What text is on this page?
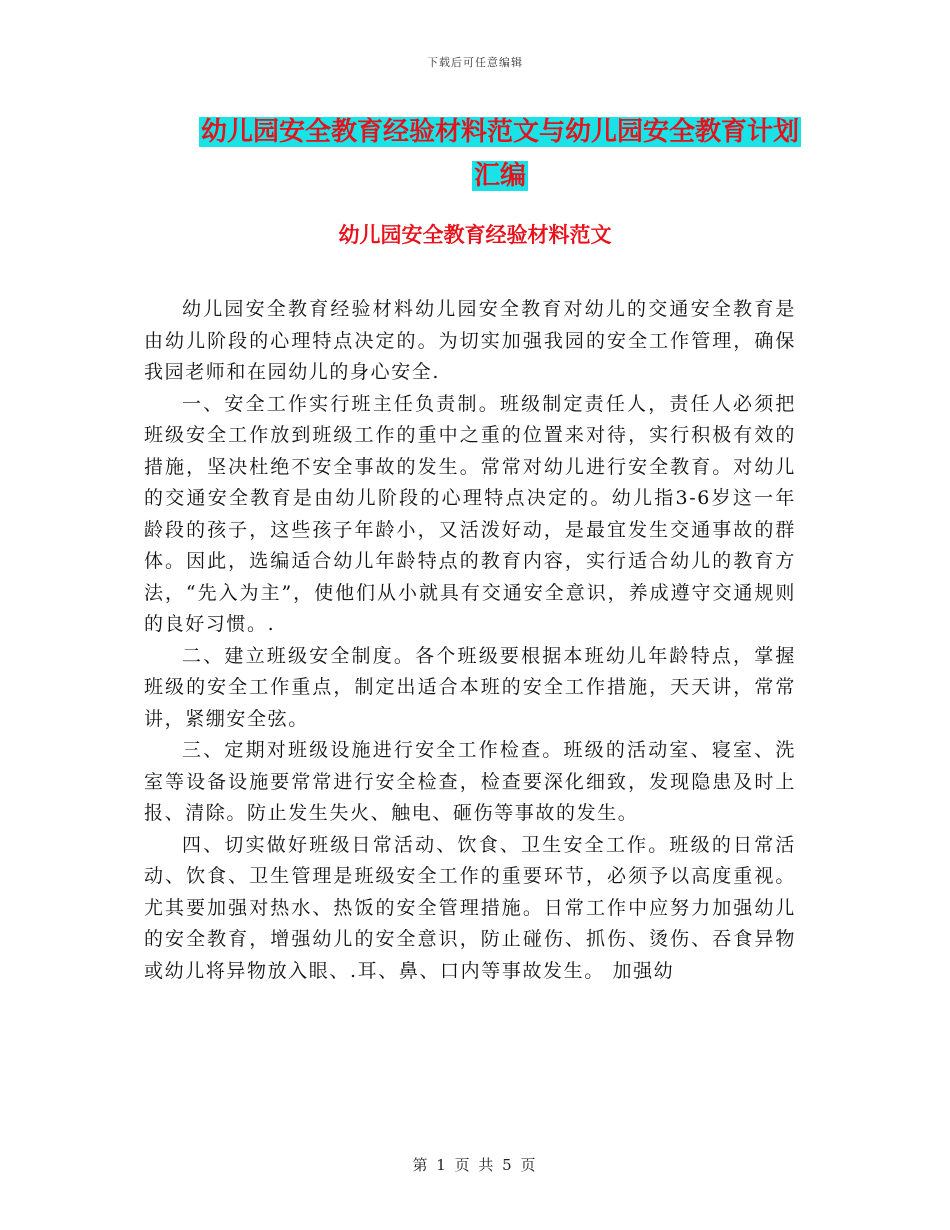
下载后可任意编辑
幼儿园安全教育经验材料范文与幼儿园安全教育计划
汇编
幼儿园安全教育经验材料范文

幼儿园安全教育经验材料幼儿园安全教育对幼儿的交通安全教育是由幼儿阶段的心理特点决定的。为切实加强我园的安全工作管理，确保我园老师和在园幼儿的身心安全.

一、安全工作实行班主任负责制。班级制定责任人，责任人必须把班级安全工作放到班级工作的重中之重的位置来对待，实行积极有效的措施，坚决杜绝不安全事故的发生。常常对幼儿进行安全教育。对幼儿的交通安全教育是由幼儿阶段的心理特点决定的。幼儿指3-6岁这一年龄段的孩子，这些孩子年龄小，又活泼好动，是最宜发生交通事故的群体。因此，选编适合幼儿年龄特点的教育内容，实行适合幼儿的教育方法，“先入为主”，使他们从小就具有交通安全意识，养成遵守交通规则的良好习惯。.

二、建立班级安全制度。各个班级要根据本班幼儿年龄特点，掌握班级的安全工作重点，制定出适合本班的安全工作措施，天天讲，常常讲，紧绷安全弦。

三、定期对班级设施进行安全工作检查。班级的活动室、寝室、洗室等设备设施要常常进行安全检查，检查要深化细致，发现隐患及时上报、清除。防止发生失火、触电、砸伤等事故的发生。

四、切实做好班级日常活动、饮食、卫生安全工作。班级的日常活动、饮食、卫生管理是班级安全工作的重要环节，必须予以高度重视。尤其要加强对热水、热饭的安全管理措施。日常工作中应努力加强幼儿的安全教育，增强幼儿的安全意识，防止碰伤、抓伤、烫伤、吞食异物或幼儿将异物放入眼、.耳、鼻、口内等事故发生。 加强幼

第 1 页 共 5 页
